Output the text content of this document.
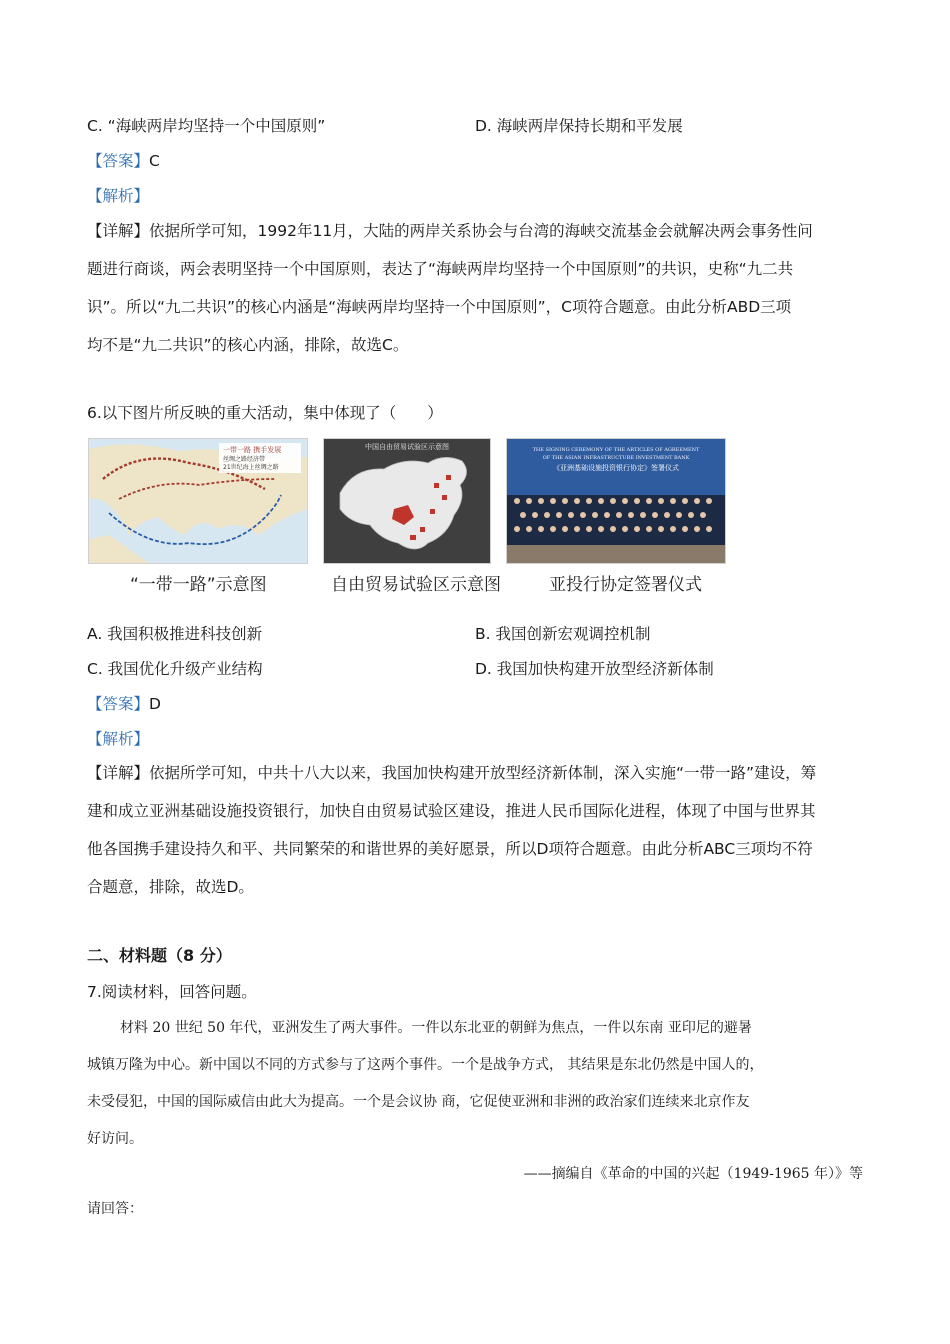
C. “海峡两岸均坚持一个中国原则”	D. 海峡两岸保持长期和平发展
【答案】C
【解析】
【详解】依据所学可知，1992年11月，大陆的两岸关系协会与台湾的海峡交流基金会就解决两会事务性问
题进行商谈，两会表明坚持一个中国原则，表达了“海峡两岸均坚持一个中国原则”的共识，史称“九二共
识”。所以“九二共识”的核心内涵是“海峡两岸均坚持一个中国原则”，C项符合题意。由此分析ABD三项
均不是“九二共识”的核心内涵，排除，故选C。
6.以下图片所反映的重大活动，集中体现了（　　）
一带一路 携手发展
丝绸之路经济带
21世纪海上丝绸之路
“一带一路”示意图
中国自由贸易试验区示意图
自由贸易试验区示意图
THE SIGNING CEREMONY OF THE ARTICLES OF AGREEMENT
OF THE ASIAN INFRASTRUCTURE INVESTMENT BANK
《亚洲基础设施投资银行协定》签署仪式
亚投行协定签署仪式
A. 我国积极推进科技创新	B. 我国创新宏观调控机制
C. 我国优化升级产业结构	D. 我国加快构建开放型经济新体制
【答案】D
【解析】
【详解】依据所学可知，中共十八大以来，我国加快构建开放型经济新体制，深入实施“一带一路”建设，筹
建和成立亚洲基础设施投资银行，加快自由贸易试验区建设，推进人民币国际化进程，体现了中国与世界其
他各国携手建设持久和平、共同繁荣的和谐世界的美好愿景，所以D项符合题意。由此分析ABC三项均不符
合题意，排除，故选D。
二、材料题（8 分）
7.阅读材料，回答问题。
材料 20 世纪 50 年代，亚洲发生了两大事件。一件以东北亚的朝鲜为焦点，一件以东南 亚印尼的避暑
城镇万隆为中心。新中国以不同的方式参与了这两个事件。一个是战争方式， 其结果是东北仍然是中国人的，
未受侵犯，中国的国际威信由此大为提高。一个是会议协 商，它促使亚洲和非洲的政治家们连续来北京作友
好访问。
——摘编自《革命的中国的兴起（1949-1965 年）》等
请回答：
